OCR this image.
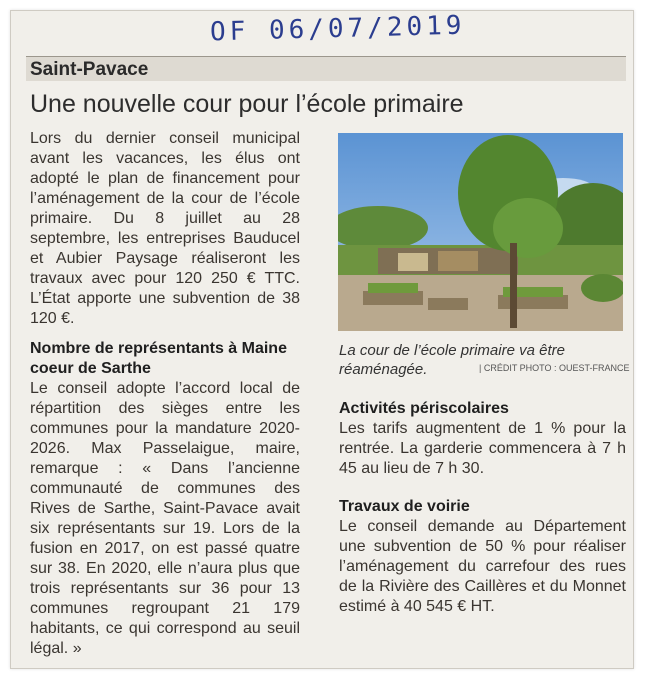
OF 06/07/2019
Saint-Pavace
Une nouvelle cour pour l’école primaire

Lors du dernier conseil municipal avant les vacances, les élus ont adopté le plan de financement pour l’aménagement de la cour de l’école primaire. Du 8 juillet au 28 septembre, les entreprises Bauducel et Aubier Paysage réaliseront les travaux avec pour 120 250 € TTC. L’État apporte une subvention de 38 120 €.

Nombre de représentants à Maine coeur de Sarthe

Le conseil adopte l’accord local de répartition des sièges entre les communes pour la mandature 2020-2026. Max Passelaigue, maire, remarque : « Dans l’ancienne communauté de communes des Rives de Sarthe, Saint-Pavace avait six représentants sur 19. Lors de la fusion en 2017, on est passé quatre sur 38. En 2020, elle n’aura plus que trois représentants sur 36 pour 13 communes regroupant 21 179 habitants, ce qui correspond au seuil légal. »

La cour de l’école primaire va être réaménagée.	| CRÉDIT PHOTO : OUEST-FRANCE
Activités périscolaires

Les tarifs augmentent de 1 % pour la rentrée. La garderie commencera à 7 h 45 au lieu de 7 h 30.

Travaux de voirie

Le conseil demande au Département une subvention de 50 % pour réaliser l’aménagement du carrefour des rues de la Rivière des Caillères et du Monnet estimé à 40 545 € HT.
